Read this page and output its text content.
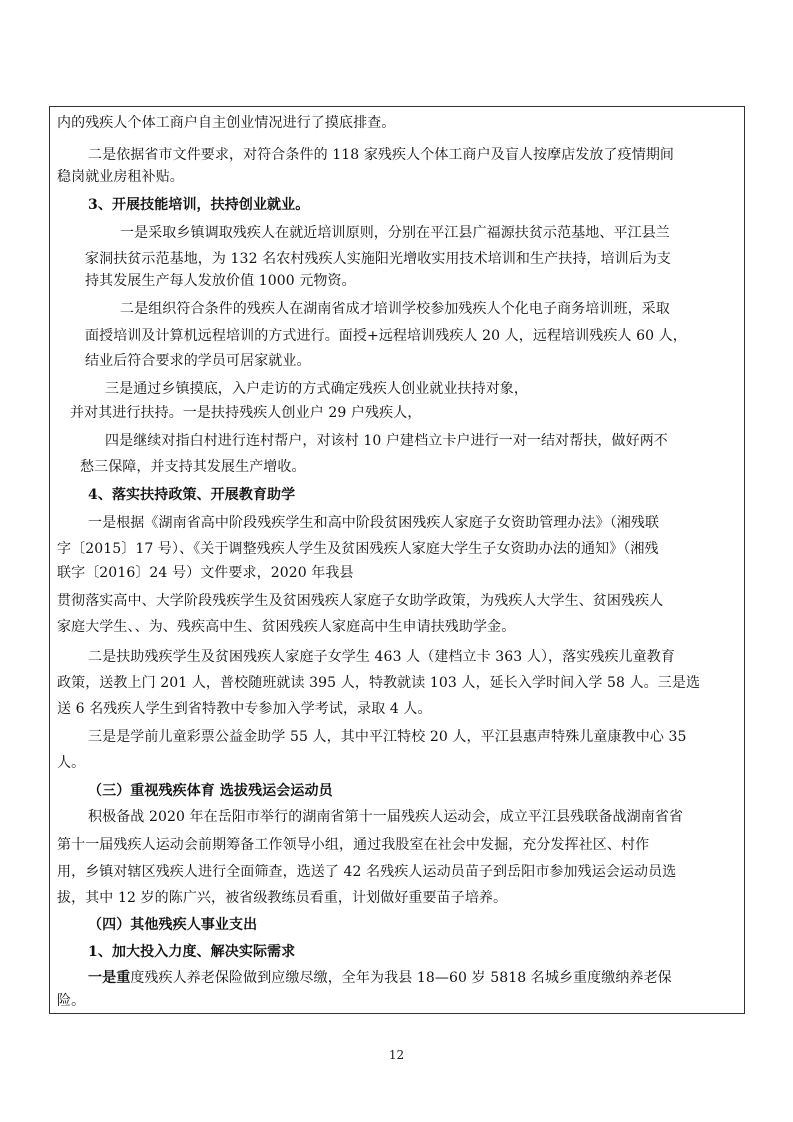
内的残疾人个体工商户自主创业情况进行了摸底排查。
二是依据省市文件要求，对符合条件的 118 家残疾人个体工商户及盲人按摩店发放了疫情期间
稳岗就业房租补贴。
3、开展技能培训，扶持创业就业。
一是采取乡镇调取残疾人在就近培训原则，分别在平江县广福源扶贫示范基地、平江县兰
家洞扶贫示范基地，为 132 名农村残疾人实施阳光增收实用技术培训和生产扶持，培训后为支
持其发展生产每人发放价值 1000 元物资。
二是组织符合条件的残疾人在湖南省成才培训学校参加残疾人个化电子商务培训班，采取
面授培训及计算机远程培训的方式进行。面授+远程培训残疾人 20 人，远程培训残疾人 60 人，
结业后符合要求的学员可居家就业。
三是通过乡镇摸底，入户走访的方式确定残疾人创业就业扶持对象，
并对其进行扶持。一是扶持残疾人创业户 29 户残疾人，
四是继续对指白村进行连村帮户，对该村 10 户建档立卡户进行一对一结对帮扶，做好两不
愁三保障，并支持其发展生产增收。
4、落实扶持政策、开展教育助学
一是根据《湖南省高中阶段残疾学生和高中阶段贫困残疾人家庭子女资助管理办法》（湘残联
字〔2015〕17 号）、《关于调整残疾人学生及贫困残疾人家庭大学生子女资助办法的通知》（湘残
联字〔2016〕24 号）文件要求，2020 年我县
贯彻落实高中、大学阶段残疾学生及贫困残疾人家庭子女助学政策，为残疾人大学生、贫困残疾人
家庭大学生、、为、残疾高中生、贫困残疾人家庭高中生申请扶残助学金。
二是扶助残疾学生及贫困残疾人家庭子女学生 463 人（建档立卡 363 人），落实残疾儿童教育
政策，送教上门 201 人，普校随班就读 395 人，特教就读 103 人，延长入学时间入学 58 人。三是选
送 6 名残疾人学生到省特教中专参加入学考试，录取 4 人。
三是是学前儿童彩票公益金助学 55 人，其中平江特校 20 人，平江县惠声特殊儿童康教中心 35
人。
（三）重视残疾体育 选拔残运会运动员
积极备战 2020 年在岳阳市举行的湖南省第十一届残疾人运动会，成立平江县残联备战湖南省省
第十一届残疾人运动会前期筹备工作领导小组，通过我股室在社会中发掘，充分发挥社区、村作
用，乡镇对辖区残疾人进行全面筛查，选送了 42 名残疾人运动员苗子到岳阳市参加残运会运动员选
拔，其中 12 岁的陈广兴，被省级教练员看重，计划做好重要苗子培养。
（四）其他残疾人事业支出
1、加大投入力度、解决实际需求
一是重度残疾人养老保险做到应缴尽缴，全年为我县 18—60 岁 5818 名城乡重度缴纳养老保
险。
12
